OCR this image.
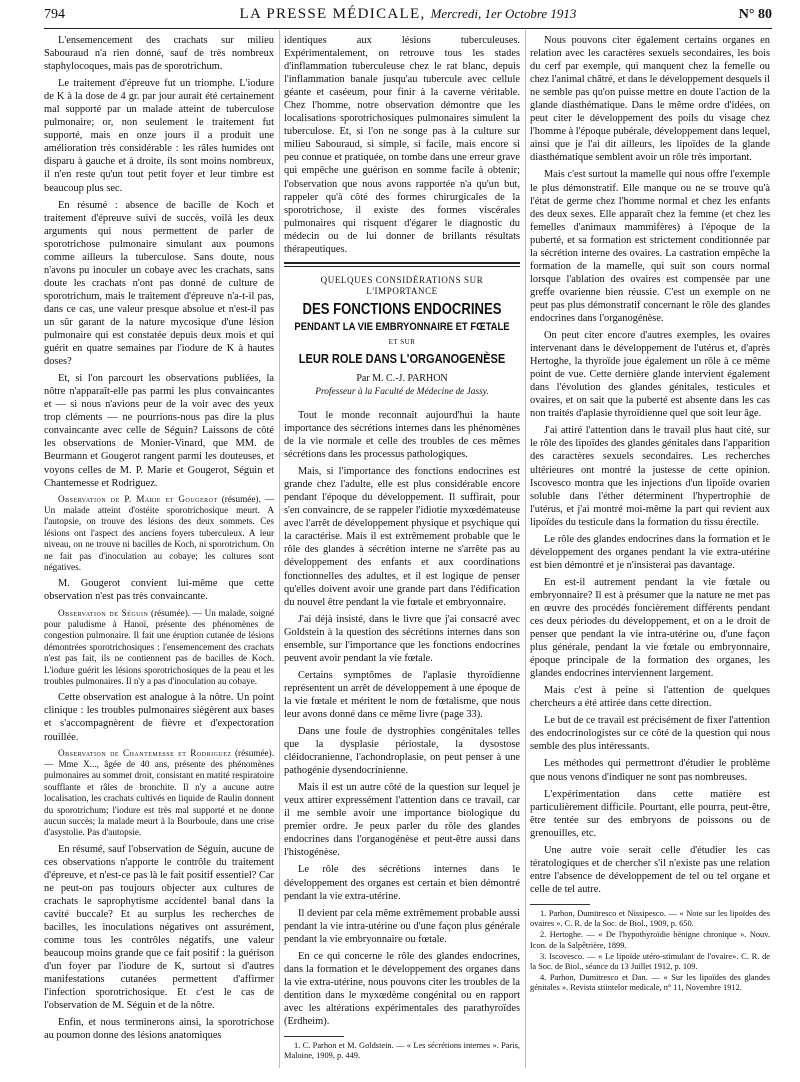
794	LA PRESSE MÉDICALE, Mercredi, 1er Octobre 1913	N° 80

L'ensemencement des crachats sur milieu Sabouraud n'a rien donné, sauf de très nombreux staphylocoques, mais pas de sporotrichum.

Le traitement d'épreuve fut un triomphe. L'iodure de K à la dose de 4 gr. par jour aurait été certainement mal supporté par un malade atteint de tuberculose pulmonaire; or, non seulement le traitement fut supporté, mais en onze jours il a produit une amélioration très considérable : les râles humides ont disparu à gauche et à droite, ils sont moins nombreux, il n'en reste qu'un tout petit foyer et leur timbre est beaucoup plus sec.

En résumé : absence de bacille de Koch et traitement d'épreuve suivi de succès, voilà les deux arguments qui nous permettent de parler de sporotrichose pulmonaire simulant aux poumons comme ailleurs la tuberculose. Sans doute, nous n'avons pu inoculer un cobaye avec les crachats, sans doute les crachats n'ont pas donné de culture de sporotrichum, mais le traitement d'épreuve n'a-t-il pas, dans ce cas, une valeur presque absolue et n'est-il pas un sûr garant de la nature mycosique d'une lésion pulmonaire qui est constatée depuis deux mois et qui guérit en quatre semaines par l'iodure de K à hautes doses?

Et, si l'on parcourt les observations publiées, la nôtre n'apparaît-elle pas parmi les plus convaincantes et — si nous n'avions peur de la voir avec des yeux trop cléments — ne pourrions-nous pas dire la plus convaincante avec celle de Séguin? Laissons de côté les observations de Monier-Vinard, que MM. de Beurmann et Gougerot rangent parmi les douteuses, et voyons celles de M. P. Marie et Gougerot, Séguin et Chantemesse et Rodriguez.

Observation de P. Marie et Gougerot (résumée). — Un malade atteint d'ostéite sporotrichosique meurt. A l'autopsie, on trouve des lésions des deux sommets. Ces lésions ont l'aspect des anciens foyers tuberculeux. A leur niveau, on ne trouve ni bacilles de Koch, ni sporotrichum. On ne fait pas d'inoculation au cobaye; les cultures sont négatives.

M. Gougerot convient lui-même que cette observation n'est pas très convaincante.

Observation de Séguin (résumée). — Un malade, soigné pour paludisme à Hanoï, présente des phénomènes de congestion pulmonaire. Il fait une éruption cutanée de lésions démontrées sporotrichosiques : l'ensemencement des crachats n'est pas fait, ils ne contiennent pas de bacilles de Koch. L'iodure guérit les lésions sporotrichosiques de la peau et les troubles pulmonaires. Il n'y a pas d'inoculation au cobaye.

Cette observation est analogue à la nôtre. Un point clinique : les troubles pulmonaires siègèrent aux bases et s'accompagnèrent de fièvre et d'expectoration rouillée.

Observation de Chantemesse et Rodriguez (résumée). — Mme X..., âgée de 40 ans, présente des phénomènes pulmonaires au sommet droit, consistant en matité respiratoire soufflante et râles de bronchite. Il n'y a aucune autre localisation, les crachats cultivés en liquide de Raulin donnent du sporotrichum; l'iodure est très mal supporté et ne donne aucun succès; la malade meurt à la Bourboule, dans une crise d'asystolie. Pas d'autopsie.

En résumé, sauf l'observation de Séguin, aucune de ces observations n'apporte le contrôle du traitement d'épreuve, et n'est-ce pas là le fait positif essentiel? Car ne peut-on pas toujours objecter aux cultures de crachats le saprophytisme accidentel banal dans la cavité buccale? Et au surplus les recherches de bacilles, les inoculations négatives ont assurément, comme tous les contrôles négatifs, une valeur beaucoup moins grande que ce fait positif : la guérison d'un foyer par l'iodure de K, surtout si d'autres manifestations cutanées permettent d'affirmer l'infection sporotrichosique. Et c'est le cas de l'observation de M. Séguin et de la nôtre.

Enfin, et nous terminerons ainsi, la sporotrichose au poumon donne des lésions anatomiques

identiques aux lésions tuberculeuses. Expérimentalement, on retrouve tous les stades d'inflammation tuberculeuse chez le rat blanc, depuis l'inflammation banale jusqu'au tubercule avec cellule géante et caséeum, pour finir à la caverne véritable. Chez l'homme, notre observation démontre que les localisations sporotrichosiques pulmonaires simulent la tuberculose. Et, si l'on ne songe pas à la culture sur milieu Sabouraud, si simple, si facile, mais encore si peu connue et pratiquée, on tombe dans une erreur grave qui empêche une guérison en somme facile à obtenir; l'observation que nous avons rapportée n'a qu'un but, rappeler qu'à côté des formes chirurgicales de la sporotrichose, il existe des formes viscérales pulmonaires qui risquent d'égarer le diagnostic du médecin ou de lui donner de brillants résultats thérapeutiques.

QUELQUES CONSIDÉRATIONS SUR L'IMPORTANCE
DES FONCTIONS ENDOCRINES
PENDANT LA VIE EMBRYONNAIRE ET FŒTALE
ET SUR
LEUR ROLE DANS L'ORGANOGENÈSE
Par M. C.-J. PARHON
Professeur à la Faculté de Médecine de Jassy.

Tout le monde reconnaît aujourd'hui la haute importance des sécrétions internes dans les phénomènes de la vie normale et celle des troubles de ces mêmes sécrétions dans les processus pathologiques.

Mais, si l'importance des fonctions endocrines est grande chez l'adulte, elle est plus considérable encore pendant l'époque du développement. Il suffirait, pour s'en convaincre, de se rappeler l'idiotie myxœdémateuse avec l'arrêt de développement physique et psychique qui la caractérise. Mais il est extrêmement probable que le rôle des glandes à sécrétion interne ne s'arrête pas au développement des enfants et aux coordinations fonctionnelles des adultes, et il est logique de penser qu'elles doivent avoir une grande part dans l'édification du nouvel être pendant la vie fœtale et embryonnaire.

J'ai déjà insisté, dans le livre que j'ai consacré avec Goldstein à la question des sécrétions internes dans son ensemble, sur l'importance que les fonctions endocrines peuvent avoir pendant la vie fœtale.

Certains symptômes de l'aplasie thyroïdienne représentent un arrêt de développement à une époque de la vie fœtale et méritent le nom de fœtalisme, que nous leur avons donné dans ce même livre (page 33).

Dans une foule de dystrophies congénitales telles que la dysplasie périostale, la dysostose cléidocranienne, l'achondroplasie, on peut penser à une pathogénie dysendocrinienne.

Mais il est un autre côté de la question sur lequel je veux attirer expressément l'attention dans ce travail, car il me semble avoir une importance biologique du premier ordre. Je peux parler du rôle des glandes endocrines dans l'organogénèse et peut-être aussi dans l'histogénèse.

Le rôle des sécrétions internes dans le développement des organes est certain et bien démontré pendant la vie extra-utérine.

Il devient par cela même extrêmement probable aussi pendant la vie intra-utérine ou d'une façon plus générale pendant la vie embryonnaire ou fœtale.

En ce qui concerne le rôle des glandes endocrines, dans la formation et le développement des organes dans la vie extra-utérine, nous pouvons citer les troubles de la dentition dans le myxœdème congénital ou en rapport avec les altérations expérimentales des parathyroïdes (Erdheim).

1. C. Parhon et M. Goldstein. — « Les sécrétions internes ». Paris, Maloine, 1909, p. 449.

Nous pouvons citer également certains organes en relation avec les caractères sexuels secondaires, les bois du cerf par exemple, qui manquent chez la femelle ou chez l'animal châtré, et dans le développement desquels il ne semble pas qu'on puisse mettre en doute l'action de la glande diasthématique. Dans le même ordre d'idées, on peut citer le développement des poils du visage chez l'homme à l'époque pubérale, développement dans lequel, ainsi que je l'ai dit ailleurs, les lipoïdes de la glande diasthématique semblent avoir un rôle très important.

Mais c'est surtout la mamelle qui nous offre l'exemple le plus démonstratif. Elle manque ou ne se trouve qu'à l'état de germe chez l'homme normal et chez les enfants des deux sexes. Elle apparaît chez la femme (et chez les femelles d'animaux mammifères) à l'époque de la puberté, et sa formation est strictement conditionnée par la sécrétion interne des ovaires. La castration empêche la formation de la mamelle, qui suit son cours normal lorsque l'ablation des ovaires est compensée par une greffe ovarienne bien réussie. C'est un exemple on ne peut pas plus démonstratif concernant le rôle des glandes endocrines dans l'organogénèse.

On peut citer encore d'autres exemples, les ovaires intervenant dans le développement de l'utérus et, d'après Hertoghe, la thyroïde joue également un rôle à ce même point de vue. Cette dernière glande intervient également dans l'évolution des glandes génitales, testicules et ovaires, et on sait que la puberté est absente dans les cas non traités d'aplasie thyroïdienne quel que soit leur âge.

J'ai attiré l'attention dans le travail plus haut cité, sur le rôle des lipoïdes des glandes génitales dans l'apparition des caractères sexuels secondaires. Les recherches ultérieures ont montré la justesse de cette opinion. Iscovesco montra que les injections d'un lipoïde ovarien soluble dans l'éther déterminent l'hypertrophie de l'utérus, et j'ai montré moi-même la part qui revient aux lipoïdes du testicule dans la formation du tissu érectile.

Le rôle des glandes endocrines dans la formation et le développement des organes pendant la vie extra-utérine est bien démontré et je n'insisterai pas davantage.

En est-il autrement pendant la vie fœtale ou embryonnaire? Il est à présumer que la nature ne met pas en œuvre des procédés foncièrement différents pendant ces deux périodes du développement, et on a le droit de penser que pendant la vie intra-utérine ou, d'une façon plus générale, pendant la vie fœtale ou embryonnaire, époque principale de la formation des organes, les glandes endocrines interviennent largement.

Mais c'est à peine si l'attention de quelques chercheurs a été attirée dans cette direction.

Le but de ce travail est précisément de fixer l'attention des endocrinologistes sur ce côté de la question qui nous semble des plus intéressants.

Les méthodes qui permettront d'étudier le problème que nous venons d'indiquer ne sont pas nombreuses.

L'expérimentation dans cette matière est particulièrement difficile. Pourtant, elle pourra, peut-être, être tentée sur des embryons de poissons ou de grenouilles, etc.

Une autre voie serait celle d'étudier les cas tératologiques et de chercher s'il n'existe pas une relation entre l'absence de développement de tel ou tel organe et celle de tel autre.

1. Parhon, Dumitresco et Nissipesco. — « Note sur les lipoïdes des ovaires ». C. R. de la Soc. de Biol., 1909, p. 650.

2. Hertoghe. — « De l'hypothyroïdie bénigne chronique ». Nouv. Icon. de la Salpêtrière, 1899.

3. Iscovesco. — « Le lipoïde utéro-stimulant de l'ovaire». C. R. de la Soc. de Biol., séance du 13 Juillet 1912, p. 109.

4. Parhon, Dumitresco et Dan. — « Sur les lipoïdes des glandes génitales ». Revista stiintelor medicale, n° 11, Novembre 1912.
